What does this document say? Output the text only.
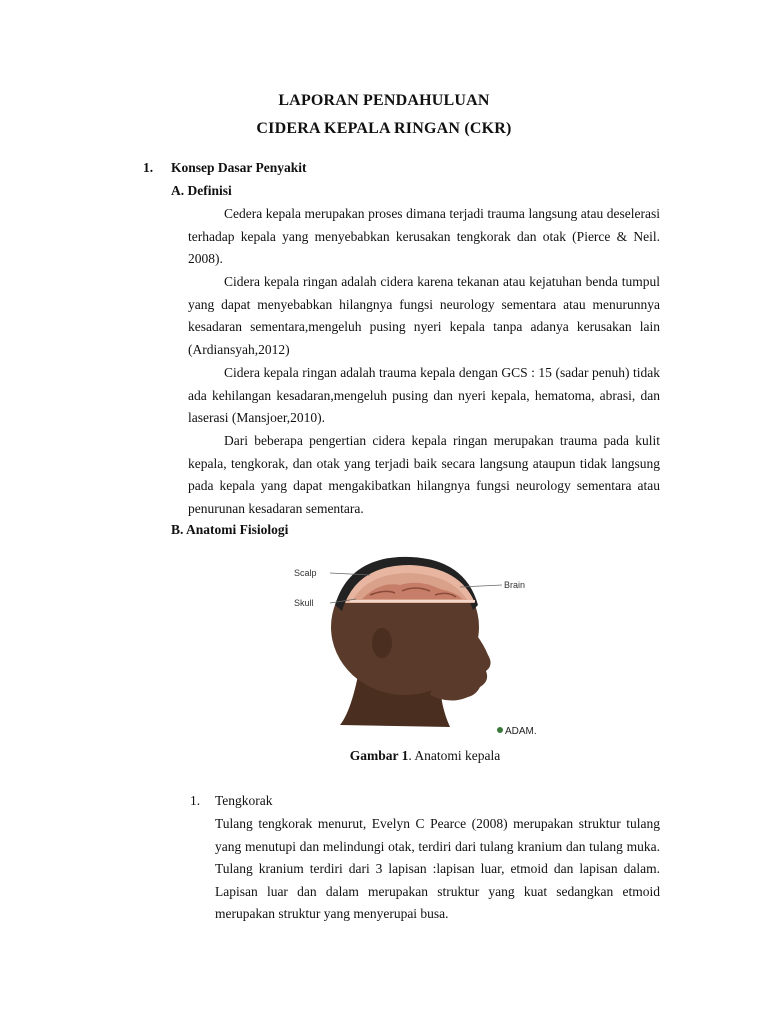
LAPORAN PENDAHULUAN
CIDERA KEPALA RINGAN (CKR)
1. Konsep Dasar Penyakit
A. Definisi

Cedera kepala merupakan proses dimana terjadi trauma langsung atau deselerasi terhadap kepala yang menyebabkan kerusakan tengkorak dan otak (Pierce & Neil. 2008).

Cidera kepala ringan adalah cidera karena tekanan atau kejatuhan benda tumpul yang dapat menyebabkan hilangnya fungsi neurology sementara atau menurunnya kesadaran sementara,mengeluh pusing nyeri kepala tanpa adanya kerusakan lain (Ardiansyah,2012)

Cidera kepala ringan adalah trauma kepala dengan GCS : 15 (sadar penuh) tidak ada kehilangan kesadaran,mengeluh pusing dan nyeri kepala, hematoma, abrasi, dan laserasi (Mansjoer,2010).

Dari beberapa pengertian cidera kepala ringan merupakan trauma pada kulit kepala, tengkorak, dan otak yang terjadi baik secara langsung ataupun tidak langsung pada kepala yang dapat mengakibatkan hilangnya fungsi neurology sementara atau penurunan kesadaran sementara.

B. Anatomi Fisiologi
Scalp
Skull
Brain
ADAM.
Gambar 1. Anatomi kepala
1. Tengkorak

Tulang tengkorak menurut, Evelyn C Pearce (2008) merupakan struktur tulang yang menutupi dan melindungi otak, terdiri dari tulang kranium dan tulang muka. Tulang kranium terdiri dari 3 lapisan :lapisan luar, etmoid dan lapisan dalam. Lapisan luar dan dalam merupakan struktur yang kuat sedangkan etmoid merupakan struktur yang menyerupai busa.
